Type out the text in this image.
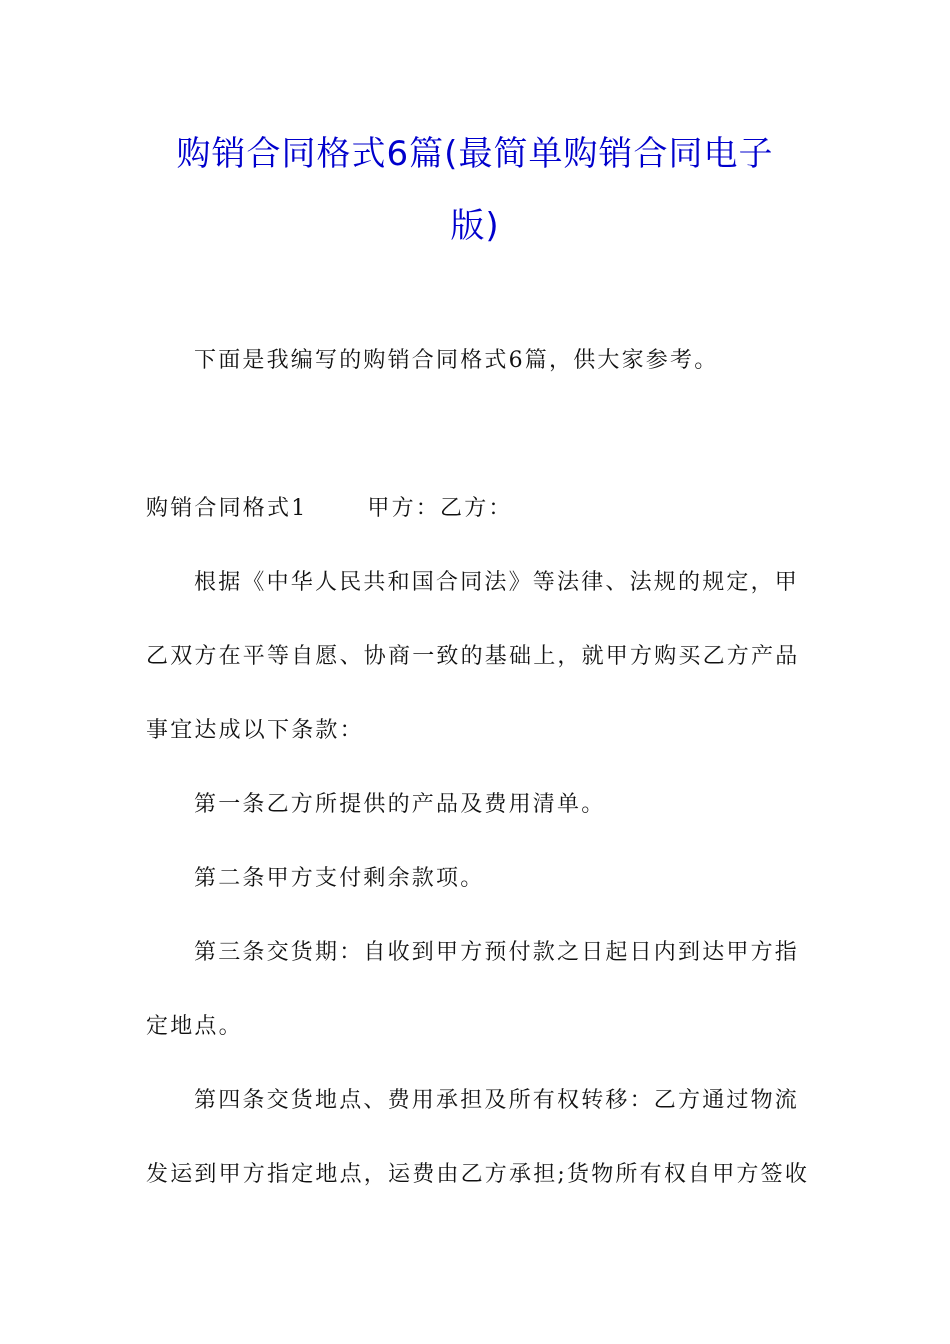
购销合同格式6篇(最简单购销合同电子
版)
下面是我编写的购销合同格式6篇，供大家参考。
购销合同格式1	甲方：乙方：
根据《中华人民共和国合同法》等法律、法规的规定，甲
乙双方在平等自愿、协商一致的基础上，就甲方购买乙方产品
事宜达成以下条款：
第一条乙方所提供的产品及费用清单。
第二条甲方支付剩余款项。
第三条交货期：自收到甲方预付款之日起日内到达甲方指
定地点。
第四条交货地点、费用承担及所有权转移：乙方通过物流
发运到甲方指定地点，运费由乙方承担;货物所有权自甲方签收
